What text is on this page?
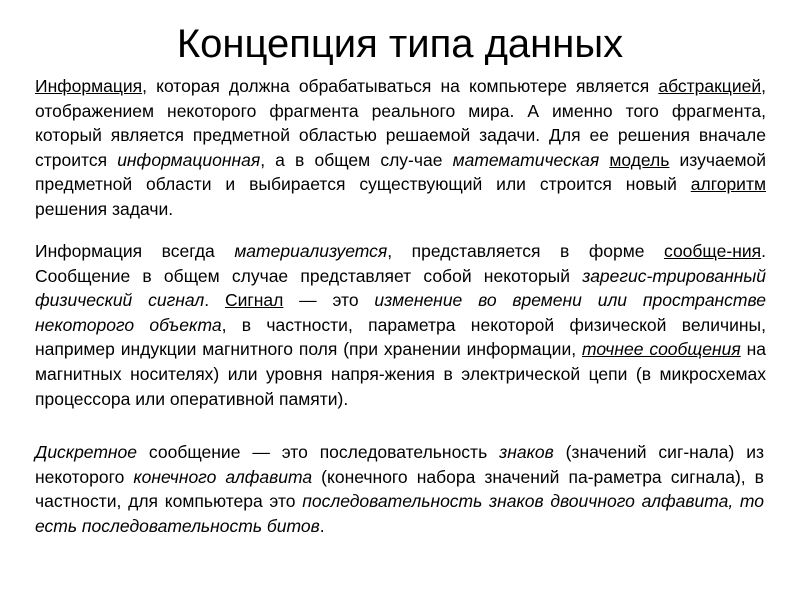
Концепция типа данных
Информация, которая должна обрабатываться на компьютере является абстракцией, отображением некоторого фрагмента реального мира. А именно того фрагмента, который является предметной областью решаемой задачи. Для ее решения вначале строится информационная, а в общем слу-чае математическая модель изучаемой предметной области и выбирается существующий или строится новый алгоритм решения задачи.
Информация всегда материализуется, представляется в форме сообще-ния. Сообщение в общем случае представляет собой некоторый зарегис-трированный физический сигнал. Сигнал — это изменение во времени или пространстве некоторого объекта, в частности, параметра некоторой физической величины, например индукции магнитного поля (при хранении информации, точнее сообщения на магнитных носителях) или уровня напря-жения в электрической цепи (в микросхемах процессора или оперативной памяти).
Дискретное сообщение — это последовательность знаков (значений сиг-нала) из некоторого конечного алфавита (конечного набора значений па-раметра сигнала), в частности, для компьютера это последовательность знаков двоичного алфавита, то есть последовательность битов.
